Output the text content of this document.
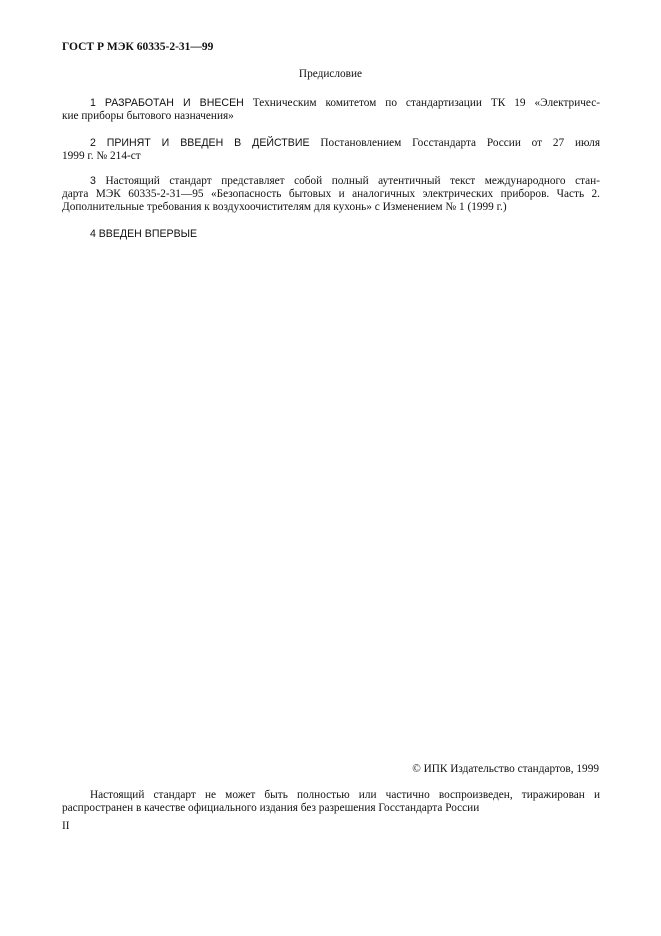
ГОСТ Р МЭК 60335-2-31—99
Предисловие
1 РАЗРАБОТАН И ВНЕСЕН Техническим комитетом по стандартизации ТК 19 «Электричес-
кие приборы бытового назначения»
2 ПРИНЯТ И ВВЕДЕН В ДЕЙСТВИЕ Постановлением Госстандарта России от 27 июля
1999 г. № 214-ст
3 Настоящий стандарт представляет собой полный аутентичный текст международного стан-
дарта МЭК 60335-2-31—95 «Безопасность бытовых и аналогичных электрических приборов. Часть 2.
Дополнительные требования к воздухоочистителям для кухонь» с Изменением № 1 (1999 г.)
4 ВВЕДЕН ВПЕРВЫЕ
© ИПК Издательство стандартов, 1999
Настоящий стандарт не может быть полностью или частично воспроизведен, тиражирован и
распространен в качестве официального издания без разрешения Госстандарта России
II
